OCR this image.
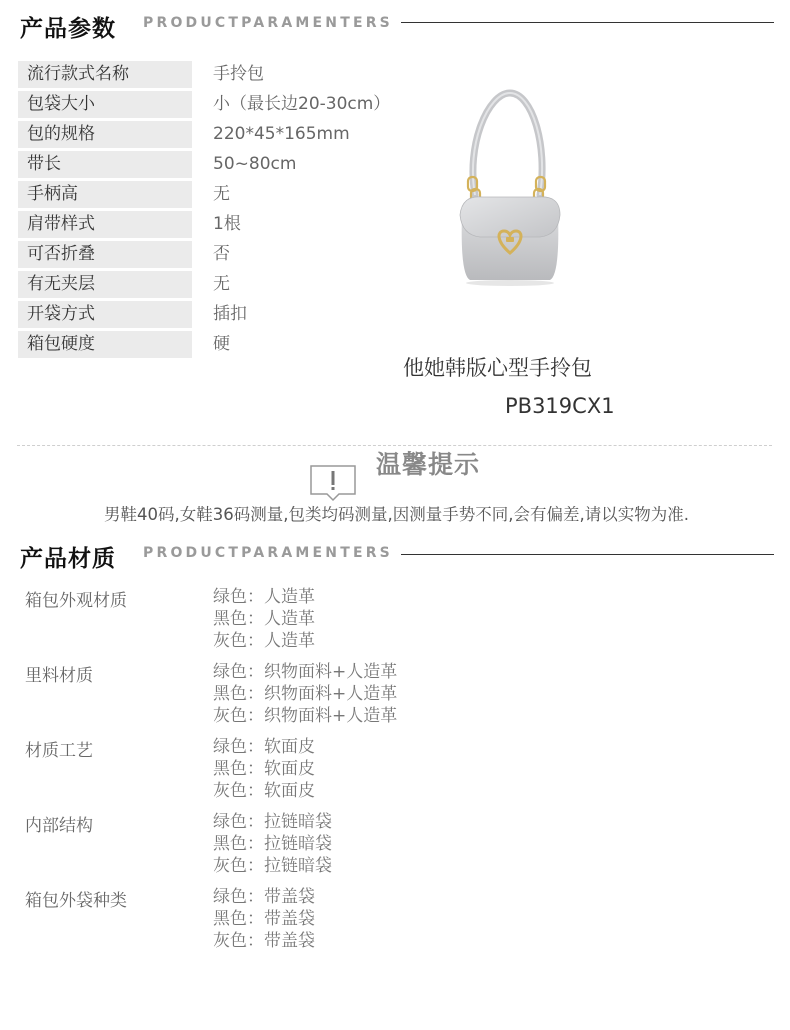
产品参数 PRODUCTPARAMENTERS
流行款式名称	手拎包
包袋大小	小（最长边20-30cm）
包的规格	220*45*165mm
带长	50~80cm
手柄高	无
肩带样式	1根
可否折叠	否
有无夹层	无
开袋方式	插扣
箱包硬度	硬
他她韩版心型手拎包
PB319CX1
温馨提示
男鞋40码,女鞋36码测量,包类均码测量,因测量手势不同,会有偏差,请以实物为准.
产品材质 PRODUCTPARAMENTERS
箱包外观材质	绿色：人造革
黑色：人造革
灰色：人造革
里料材质	绿色：织物面料+人造革
黑色：织物面料+人造革
灰色：织物面料+人造革
材质工艺	绿色：软面皮
黑色：软面皮
灰色：软面皮
内部结构	绿色：拉链暗袋
黑色：拉链暗袋
灰色：拉链暗袋
箱包外袋种类	绿色：带盖袋
黑色：带盖袋
灰色：带盖袋
